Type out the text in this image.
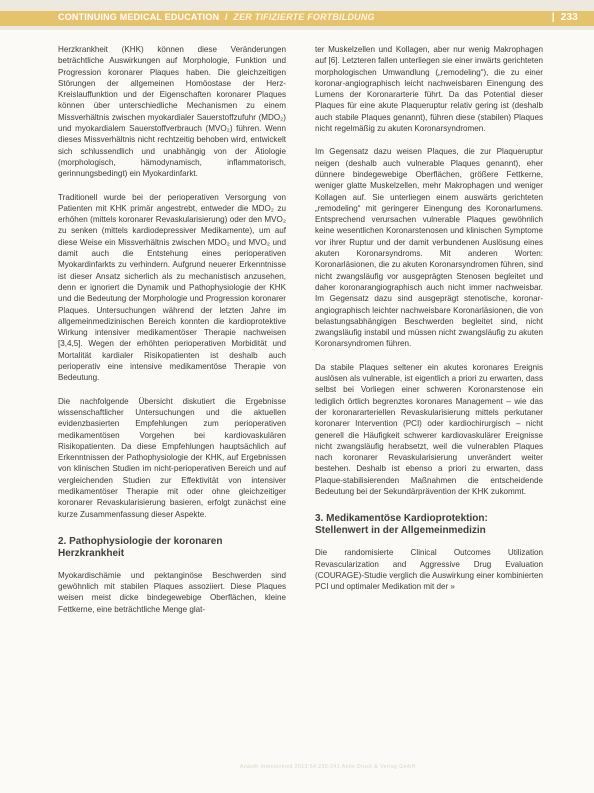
CONTINUING MEDICAL EDUCATION / ZER TIFIZIERTE FORTBILDUNG	| 233

Herzkrankheit (KHK) können diese Veränderungen beträchtliche Auswirkungen auf Morphologie, Funktion und Progression koronarer Plaques haben. Die gleichzeitigen Störungen der allgemeinen Homöostase der Herz-Kreislauffunktion und der Eigenschaften koronarer Plaques können über unterschiedliche Mechanismen zu einem Missverhältnis zwischen myokardialer Sauerstoffzufuhr (MDO₂) und myokardialem Sauerstoffverbrauch (MVO₂) führen. Wenn dieses Missverhältnis nicht rechtzeitig behoben wird, entwickelt sich schlussendlich und unabhängig von der Ätiologie (morphologisch, hämodynamisch, inflammatorisch, gerinnungsbedingt) ein Myokardinfarkt.

Traditionell wurde bei der perioperativen Versorgung von Patienten mit KHK primär angestrebt, entweder die MDO₂ zu erhöhen (mittels koronarer Revaskularisierung) oder den MVO₂ zu senken (mittels kardiodepressiver Medikamente), um auf diese Weise ein Missverhältnis zwischen MDO₂ und MVO₂ und damit auch die Entstehung eines perioperativen Myokardinfarkts zu verhindern. Aufgrund neuerer Erkenntnisse ist dieser Ansatz sicherlich als zu mechanistisch anzusehen, denn er ignoriert die Dynamik und Pathophysiologie der KHK und die Bedeutung der Morphologie und Progression koronarer Plaques. Untersuchungen während der letzten Jahre im allgemeinmedizinischen Bereich konnten die kardioprotektive Wirkung intensiver medikamentöser Therapie nachweisen [3,4,5]. Wegen der erhöhten perioperativen Morbidität und Mortalität kardialer Risikopatienten ist deshalb auch perioperativ eine intensive medikamentöse Therapie von Bedeutung.

Die nachfolgende Übersicht diskutiert die Ergebnisse wissenschaftlicher Untersuchungen und die aktuellen evidenzbasierten Empfehlungen zum perioperativen medikamentösen Vorgehen bei kardiovaskulären Risikopatienten. Da diese Empfehlungen hauptsächlich auf Erkenntnissen der Pathophysiologie der KHK, auf Ergebnissen von klinischen Studien im nicht-perioperativen Bereich und auf vergleichenden Studien zur Effektivität von intensiver medikamentöser Therapie mit oder ohne gleichzeitiger koronarer Revaskularisierung basieren, erfolgt zunächst eine kurze Zusammenfassung dieser Aspekte.

2. Pathophysiologie der koronaren Herzkrankheit

Myokardischämie und pektanginöse Beschwerden sind gewöhnlich mit stabilen Plaques assoziiert. Diese Plaques weisen meist dicke bindegewebige Oberflächen, kleine Fettkerne, eine beträchtliche Menge glat-

ter Muskelzellen und Kollagen, aber nur wenig Makrophagen auf [6]. Letzteren fallen unterliegen sie einer inwärts gerichteten morphologischen Umwandlung („remodeling“), die zu einer koronar-angiographisch leicht nachweisbaren Einengung des Lumens der Koronararterie führt. Da das Potential dieser Plaques für eine akute Plaqueruptur relativ gering ist (deshalb auch stabile Plaques genannt), führen diese (stabilen) Plaques nicht regelmäßig zu akuten Koronarsyndromen.

Im Gegensatz dazu weisen Plaques, die zur Plaqueruptur neigen (deshalb auch vulnerable Plaques genannt), eher dünnere bindegewebige Oberflächen, größere Fettkerne, weniger glatte Muskelzellen, mehr Makrophagen und weniger Kollagen auf. Sie unterliegen einem auswärts gerichteten „remodeling“ mit geringerer Einengung des Koronarlumens. Entsprechend verursachen vulnerable Plaques gewöhnlich keine wesentlichen Koronarstenosen und klinischen Symptome vor ihrer Ruptur und der damit verbundenen Auslösung eines akuten Koronarsyndroms. Mit anderen Worten: Koronarläsionen, die zu akuten Koronarsyndromen führen, sind nicht zwangsläufig vor ausgeprägten Stenosen begleitet und daher koronarangiographisch auch nicht immer nachweisbar. Im Gegensatz dazu sind ausgeprägt stenotische, koronar-angiographisch leichter nachweisbare Koronarläsionen, die von belastungsabhängigen Beschwerden begleitet sind, nicht zwangsläufig instabil und müssen nicht zwangsläufig zu akuten Koronarsyndromen führen.

Da stabile Plaques seltener ein akutes koronares Ereignis auslösen als vulnerable, ist eigentlich a priori zu erwarten, dass selbst bei Vorliegen einer schweren Koronarstenose ein lediglich örtlich begrenztes koronares Management – wie das der koronararteriellen Revaskularisierung mittels perkutaner koronarer Intervention (PCI) oder kardiochirurgisch – nicht generell die Häufigkeit schwerer kardiovaskulärer Ereignisse nicht zwangsläufig herabsetzt, weil die vulnerablen Plaques nach koronarer Revaskularisierung unverändert weiter bestehen. Deshalb ist ebenso a priori zu erwarten, dass Plaque-stabilisierenden Maßnahmen die entscheidende Bedeutung bei der Sekundärprävention der KHK zukommt.

3. Medikamentöse Kardioprotektion: Stellenwert in der Allgemeinmedizin

Die randomisierte Clinical Outcomes Utilization Revascularization and Aggressive Drug Evaluation (COURAGE)-Studie verglich die Auswirkung einer kombinierten PCI und optimaler Medikation mit der »

Anästh Intensivmed 2013;54:230-241 Aktiv Druck & Verlag GmbH
